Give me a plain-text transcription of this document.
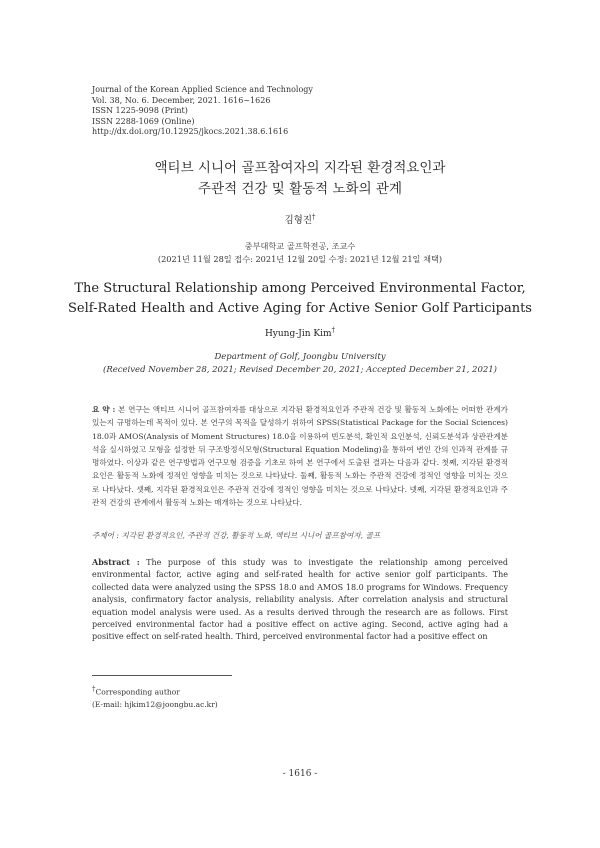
Journal of the Korean Applied Science and Technology
Vol. 38, No. 6. December, 2021. 1616~1626
ISSN 1225-9098 (Print)
ISSN 2288-1069 (Online)
http://dx.doi.org/10.12925/jkocs.2021.38.6.1616
액티브 시니어 골프참여자의 지각된 환경적요인과
주관적 건강 및 활동적 노화의 관계
김형진†
중부대학교 골프학전공, 조교수
(2021년 11월 28일 접수: 2021년 12월 20일 수정: 2021년 12월 21일 채택)
The Structural Relationship among Perceived Environmental Factor,
Self-Rated Health and Active Aging for Active Senior Golf Participants
Hyung-Jin Kim†
Department of Golf, Joongbu University
(Received November 28, 2021; Revised December 20, 2021; Accepted December 21, 2021)
요 약 : 본 연구는 액티브 시니어 골프참여자를 대상으로 지각된 환경적요인과 주관적 건강 및 활동적 노화에는 어떠한 관계가 있는지 규명하는데 목적이 있다. 본 연구의 목적을 달성하기 위하여 SPSS(Statistical Package for the Social Sciences) 18.0과 AMOS(Analysis of Moment Structures) 18.0을 이용하여 빈도분석, 확인적 요인분석, 신뢰도분석과 상관관계분석을 실시하였고 모형을 설정한 뒤 구조방정식모형(Structural Equation Modeling)을 통하여 변인 간의 인과적 관계를 규명하였다. 이상과 같은 연구방법과 연구모형 검증을 기초로 하여 본 연구에서 도출된 결과는 다음과 같다. 첫째, 지각된 환경적요인은 활동적 노화에 정적인 영향을 미치는 것으로 나타났다. 둘째, 활동적 노화는 주관적 건강에 정적인 영향을 미치는 것으로 나타났다. 셋째, 지각된 환경적요인은 주관적 건강에 정적인 영향을 미치는 것으로 나타났다. 넷째, 지각된 환경적요인과 주관적 건강의 관계에서 활동적 노화는 매개하는 것으로 나타났다.
주제어 : 지각된 환경적요인, 주관적 건강, 활동적 노화, 액티브 시니어 골프참여자, 골프
Abstract : The purpose of this study was to investigate the relationship among perceived environmental factor, active aging and self-rated health for active senior golf participants. The collected data were analyzed using the SPSS 18.0 and AMOS 18.0 programs for Windows. Frequency analysis, confirmatory factor analysis, reliability analysis. After correlation analysis and structural equation model analysis were used. As a results derived through the research are as follows. First perceived environmental factor had a positive effect on active aging. Second, active aging had a positive effect on self-rated health. Third, perceived environmental factor had a positive effect on
†Corresponding author
(E-mail: hjkim12@joongbu.ac.kr)
- 1616 -
